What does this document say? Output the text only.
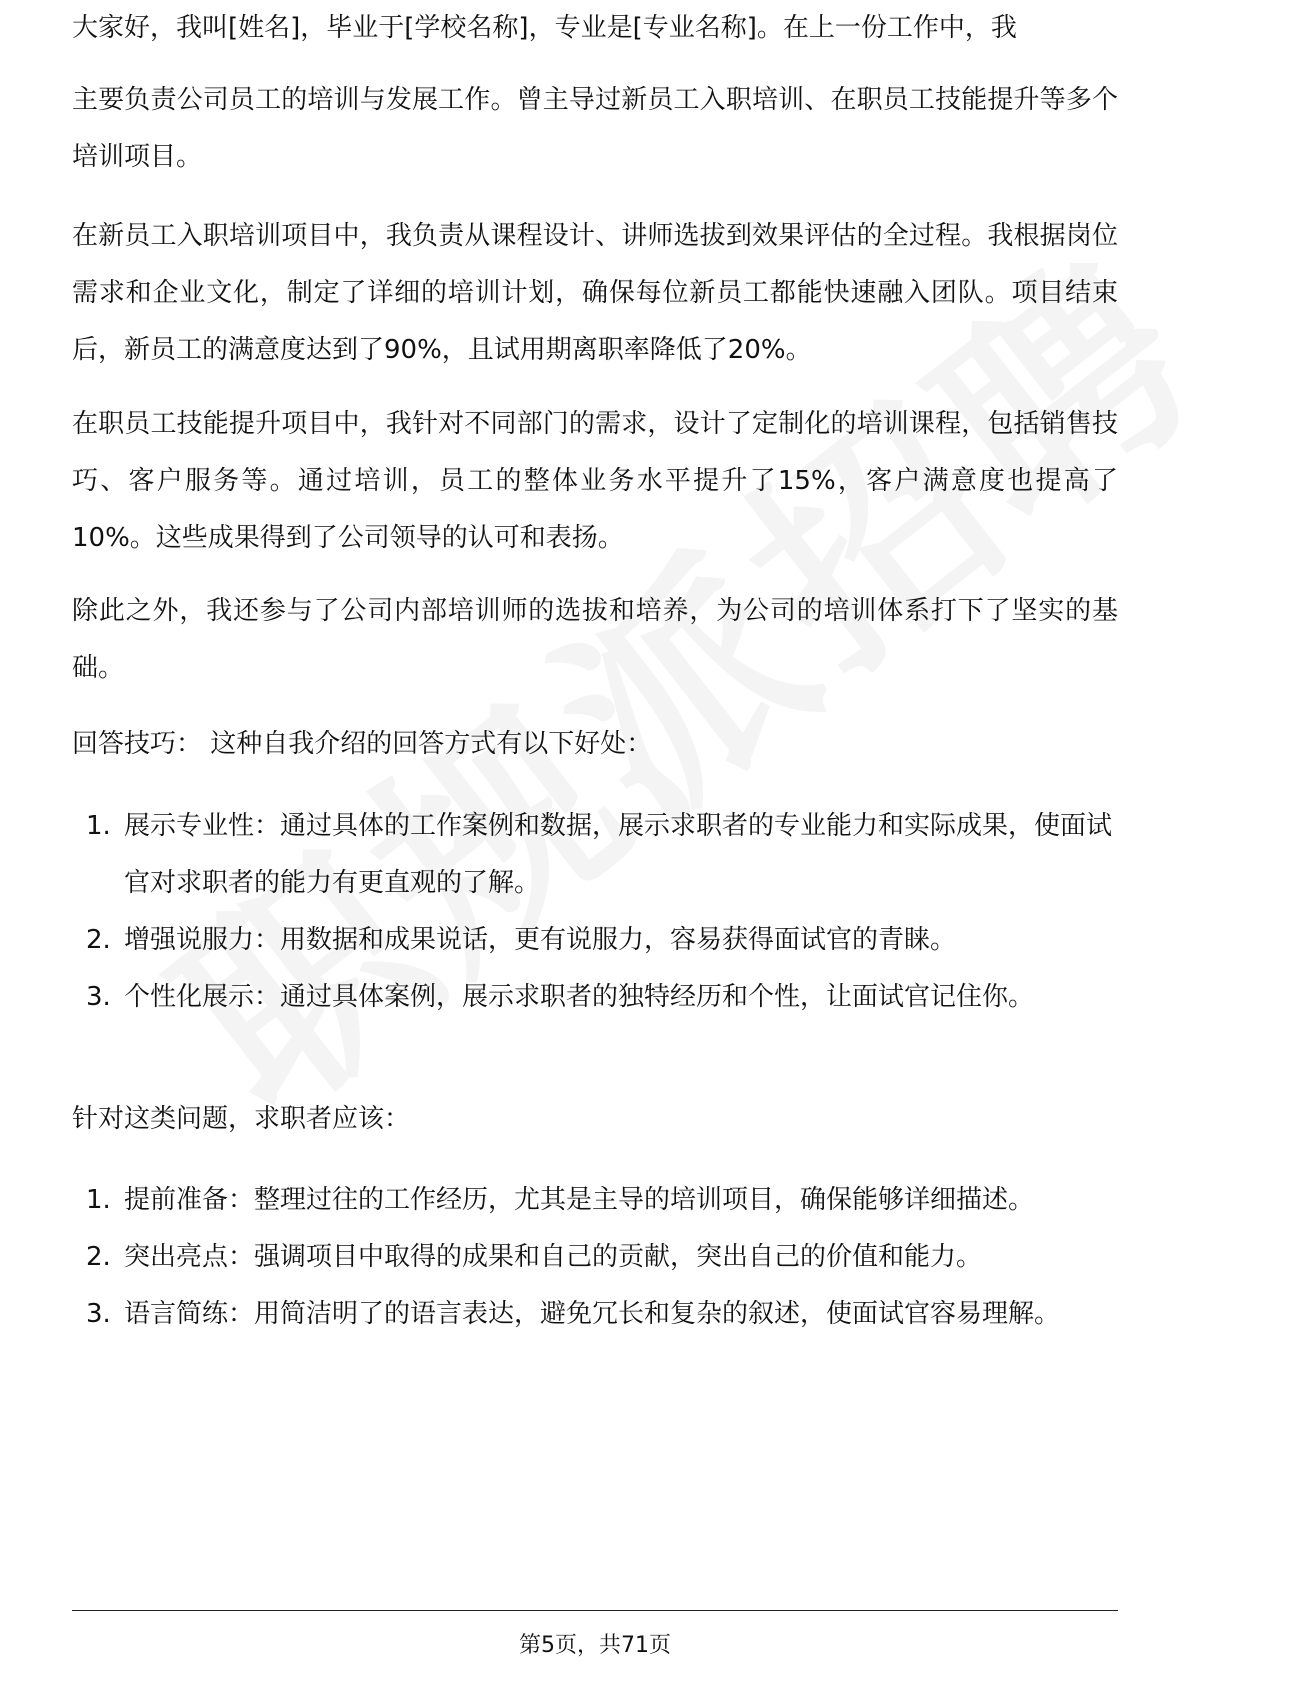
大家好，我叫[姓名]，毕业于[学校名称]，专业是[专业名称]。在上一份工作中，我

主要负责公司员工的培训与发展工作。曾主导过新员工入职培训、在职员工技能提升等多个培训项目。

在新员工入职培训项目中，我负责从课程设计、讲师选拔到效果评估的全过程。我根据岗位需求和企业文化，制定了详细的培训计划，确保每位新员工都能快速融入团队。项目结束后，新员工的满意度达到了90%，且试用期离职率降低了20%。

在职员工技能提升项目中，我针对不同部门的需求，设计了定制化的培训课程，包括销售技巧、客户服务等。通过培训，员工的整体业务水平提升了15%，客户满意度也提高了10%。这些成果得到了公司领导的认可和表扬。

除此之外，我还参与了公司内部培训师的选拔和培养，为公司的培训体系打下了坚实的基础。

回答技巧： 这种自我介绍的回答方式有以下好处：

1. 展示专业性：通过具体的工作案例和数据，展示求职者的专业能力和实际成果，使面试官对求职者的能力有更直观的了解。
2. 增强说服力：用数据和成果说话，更有说服力，容易获得面试官的青睐。
3. 个性化展示：通过具体案例，展示求职者的独特经历和个性，让面试官记住你。

针对这类问题，求职者应该：

1. 提前准备：整理过往的工作经历，尤其是主导的培训项目，确保能够详细描述。
2. 突出亮点：强调项目中取得的成果和自己的贡献，突出自己的价值和能力。
3. 语言简练：用简洁明了的语言表达，避免冗长和复杂的叙述，使面试官容易理解。
第5页，共71页
